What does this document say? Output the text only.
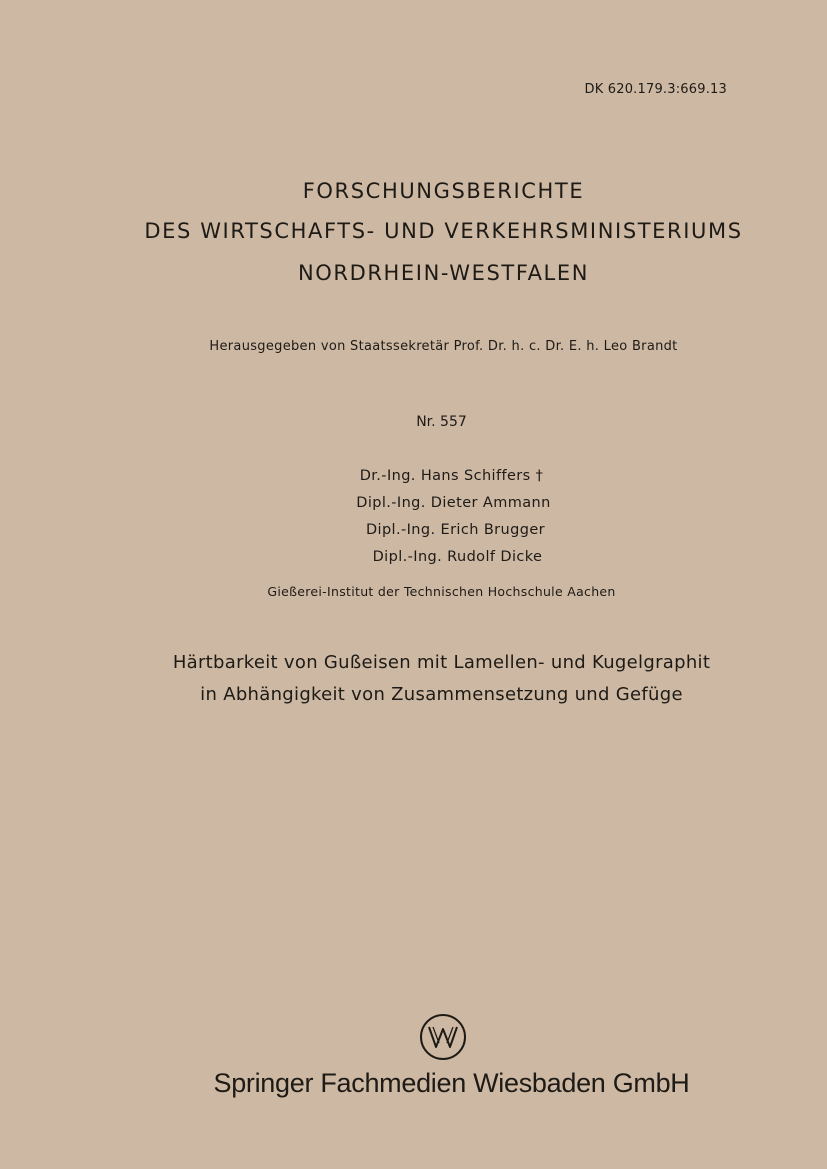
DK 620.179.3:669.13
FORSCHUNGSBERICHTE
DES WIRTSCHAFTS- UND VERKEHRSMINISTERIUMS
NORDRHEIN-WESTFALEN
Herausgegeben von Staatssekretär Prof. Dr. h. c. Dr. E. h. Leo Brandt
Nr. 557
Dr.-Ing. Hans Schiffers †
Dipl.-Ing. Dieter Ammann
Dipl.-Ing. Erich Brugger
Dipl.-Ing. Rudolf Dicke
Gießerei-Institut der Technischen Hochschule Aachen
Härtbarkeit von Gußeisen mit Lamellen- und Kugelgraphit
in Abhängigkeit von Zusammensetzung und Gefüge
Springer Fachmedien Wiesbaden GmbH
